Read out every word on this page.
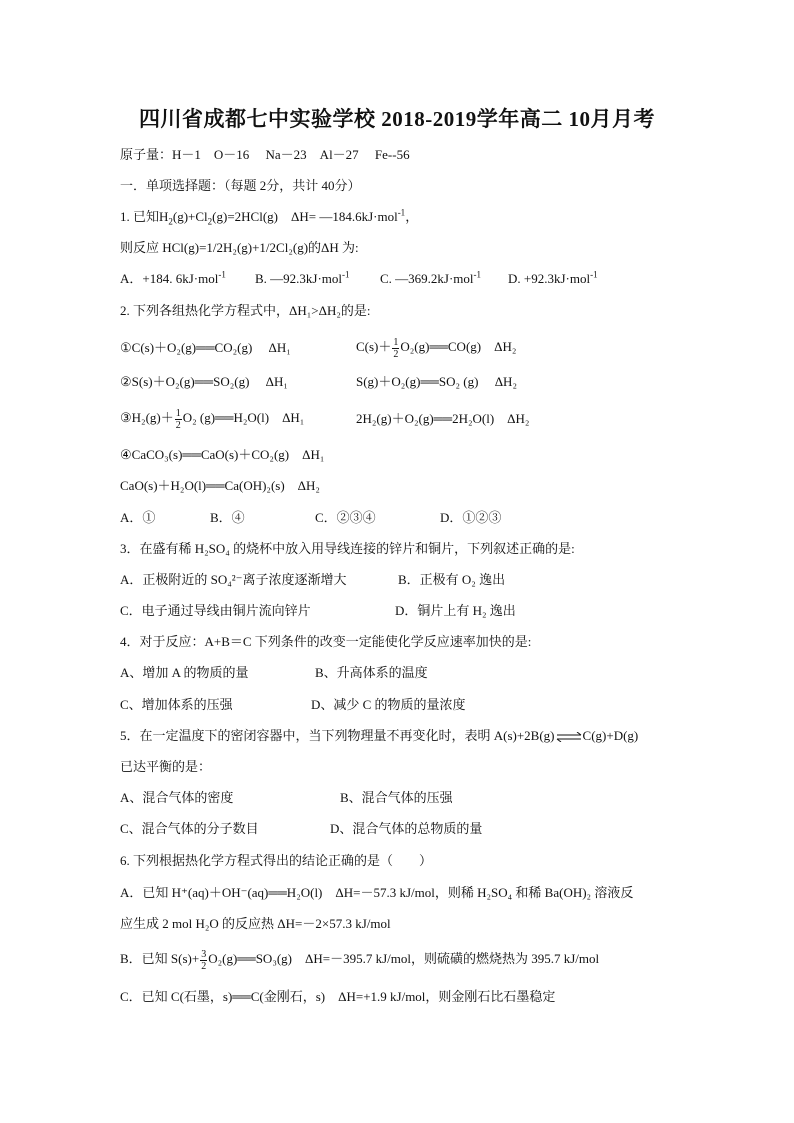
四川省成都七中实验学校 2018-2019学年高二 10月月考
原子量：H－1　O－16　 Na－23　Al－27　 Fe--56
一．单项选择题：（每题 2分，共计 40分）
1. 已知$H_2(g)+Cl_2(g)=2HCl(g)$　ΔH= —184.6kJ·mol$^{-1}$，
则反应 HCl(g)=1/2H₂(g)+1/2Cl₂(g)的ΔH 为:
A．+184. 6kJ·mol$^{-1}$ B. —92.3kJ·mol$^{-1}$ C. —369.2kJ·mol$^{-1}$ D. +92.3kJ·mol$^{-1}$
2. 下列各组热化学方程式中，ΔH₁>ΔH₂的是:
①C(s)＋O₂(g)══CO₂(g)　 ΔH₁	$C(s)+ \frac{1}{2}$ O₂(g)══CO(g)　ΔH₂
②S(s)＋O₂(g)══SO₂(g)　 ΔH₁	S(g)＋O₂(g)══SO₂ (g)　 ΔH₂
③H₂(g)＋ $\frac{1}{2} O_2$ (g)══H₂O(l)　ΔH₁	2H₂(g)＋O₂(g)══2H₂O(l)　ΔH₂
④CaCO₃(s)══CaO(s)＋CO₂(g)　ΔH₁
CaO(s)＋H₂O(l)══Ca(OH)₂(s)　ΔH₂
A．①	B．④	C．②③④	D．①②③
3．在盛有稀 H₂SO₄ 的烧杯中放入用导线连接的锌片和铜片，下列叙述正确的是:
A．正极附近的 SO₄²⁻离子浓度逐渐增大	B．正极有 O₂ 逸出
C．电子通过导线由铜片流向锌片	D．铜片上有 H₂ 逸出
4．对于反应：A+B＝C 下列条件的改变一定能使化学反应速率加快的是:
A、增加 A 的物质的量	B、升高体系的温度
C、增加体系的压强	D、减少 C 的物质的量浓度
5．在一定温度下的密闭容器中，当下列物理量不再变化时，表明 A(s)+2B(g)⇌C(g)+D(g)
已达平衡的是：
A、混合气体的密度	B、混合气体的压强
C、混合气体的分子数目	D、混合气体的总物质的量
6. 下列根据热化学方程式得出的结论正确的是（　　）
A．已知 H⁺(aq)＋OH⁻(aq)══H₂O(l)　ΔH=－57.3 kJ/mol，则稀 H₂SO₄ 和稀 Ba(OH)₂ 溶液反
应生成 2 mol H₂O 的反应热 ΔH=－2×57.3 kJ/mol
B．已知 $S(s)+ \frac{3}{2}$ O₂(g)══SO₃(g)　ΔH=－395.7 kJ/mol，则硫磺的燃烧热为 395.7 kJ/mol
C．已知 C(石墨，s)══C(金刚石，s)　ΔH=+1.9 kJ/mol，则金刚石比石墨稳定
